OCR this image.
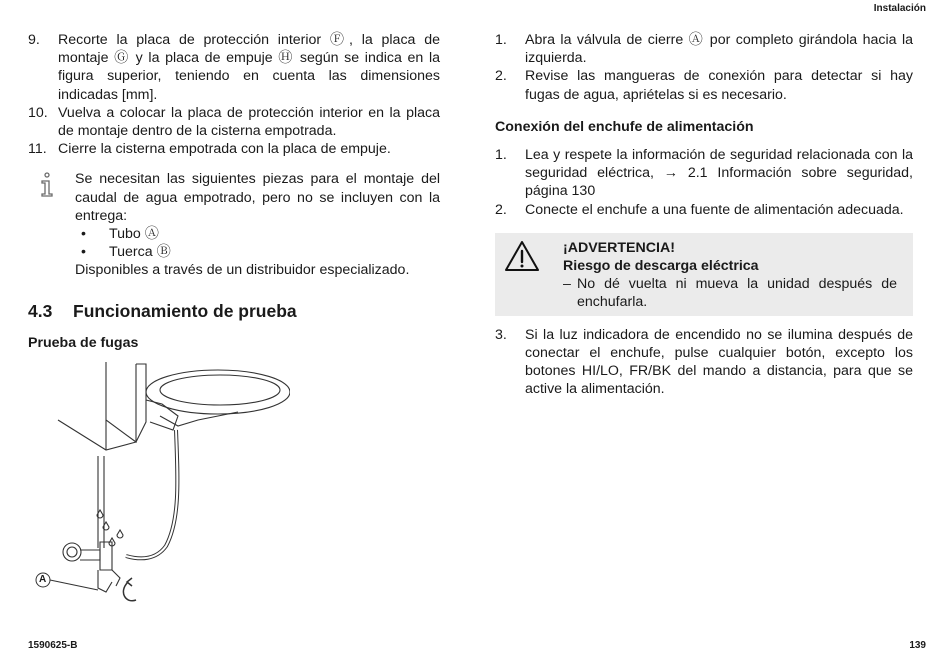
Instalación
9.	Recorte la placa de protección interior Ⓕ, la placa de montaje Ⓖ y la placa de empuje Ⓗ según se indica en la figura superior, teniendo en cuenta las dimensiones indicadas [mm].
10. Vuelva a colocar la placa de protección interior en la placa de montaje dentro de la cisterna empotrada.
11. Cierre la cisterna empotrada con la placa de empuje.
Se necesitan las siguientes piezas para el montaje del caudal de agua empotrado, pero no se incluyen con la entrega:
•	Tubo Ⓐ
•	Tuerca Ⓑ
Disponibles a través de un distribuidor especializado.
4.3	Funcionamiento de prueba
Prueba de fugas
A
1.	Abra la válvula de cierre Ⓐ por completo girándola hacia la izquierda.
2.	Revise las mangueras de conexión para detectar si hay fugas de agua, apriételas si es necesario.
Conexión del enchufe de alimentación
1.	Lea y respete la información de seguridad relacionada con la seguridad eléctrica, → 2.1 Información sobre seguridad, página 130
2.	Conecte el enchufe a una fuente de alimentación adecuada.
¡ADVERTENCIA!
Riesgo de descarga eléctrica
– No dé vuelta ni mueva la unidad después de enchufarla.
3.	Si la luz indicadora de encendido no se ilumina después de conectar el enchufe, pulse cualquier botón, excepto los botones HI/LO, FR/BK del mando a distancia, para que se active la alimentación.
1590625-B	139
